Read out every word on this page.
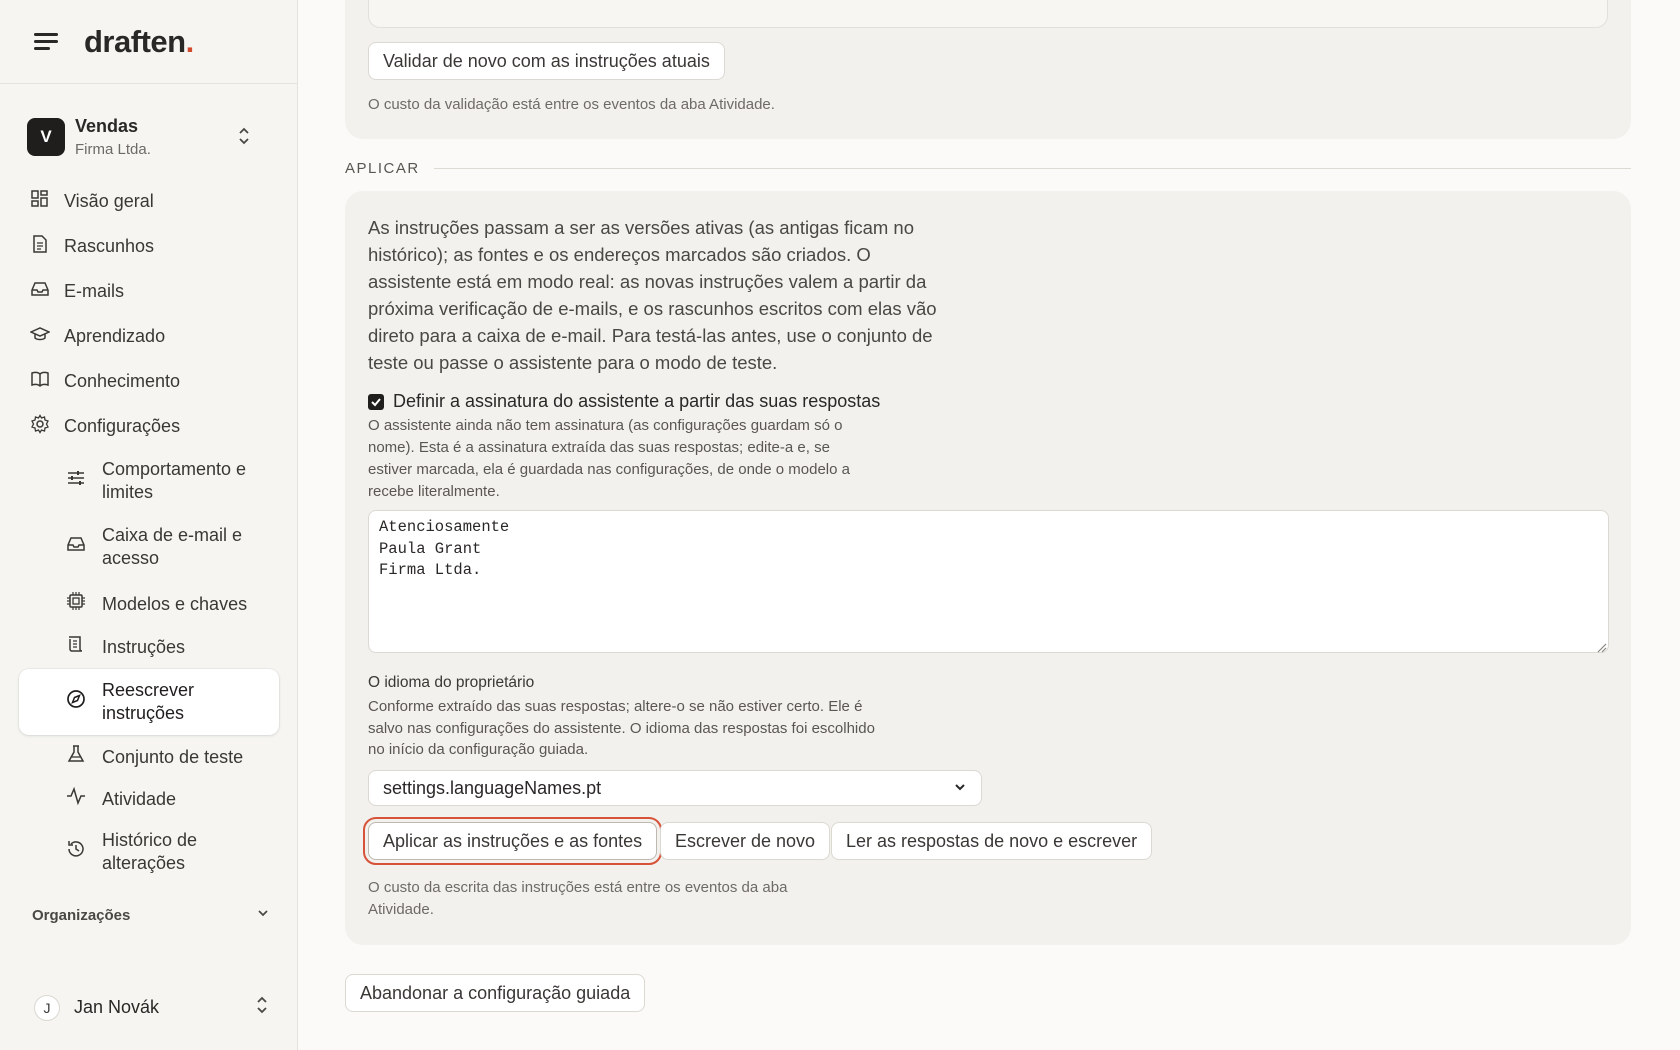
draften.
V
Vendas
Firma Ltda.
Visão geral
Rascunhos
E-mails
Aprendizado
Conhecimento
Configurações
Comportamento e limites
Caixa de e-mail e acesso
Modelos e chaves
Instruções
Reescrever instruções
Conjunto de teste
Atividade
Histórico de alterações
Organizações
J	Jan Novák
Validar de novo com as instruções atuais
O custo da validação está entre os eventos da aba Atividade.
APLICAR

As instruções passam a ser as versões ativas (as antigas ficam no histórico); as fontes e os endereços marcados são criados. O assistente está em modo real: as novas instruções valem a partir da próxima verificação de e-mails, e os rascunhos escritos com elas vão direto para a caixa de e-mail. Para testá-las antes, use o conjunto de teste ou passe o assistente para o modo de teste.

Definir a assinatura do assistente a partir das suas respostas

O assistente ainda não tem assinatura (as configurações guardam só o nome). Esta é a assinatura extraída das suas respostas; edite-a e, se estiver marcada, ela é guardada nas configurações, de onde o modelo a recebe literalmente.

Atenciosamente
Paula Grant
Firma Ltda.
O idioma do proprietário

Conforme extraído das suas respostas; altere-o se não estiver certo. Ele é salvo nas configurações do assistente. O idioma das respostas foi escolhido no início da configuração guiada.

settings.languageNames.pt
Aplicar as instruções e as fontes	Escrever de novo	Ler as respostas de novo e escrever
O custo da escrita das instruções está entre os eventos da aba Atividade.
Abandonar a configuração guiada
